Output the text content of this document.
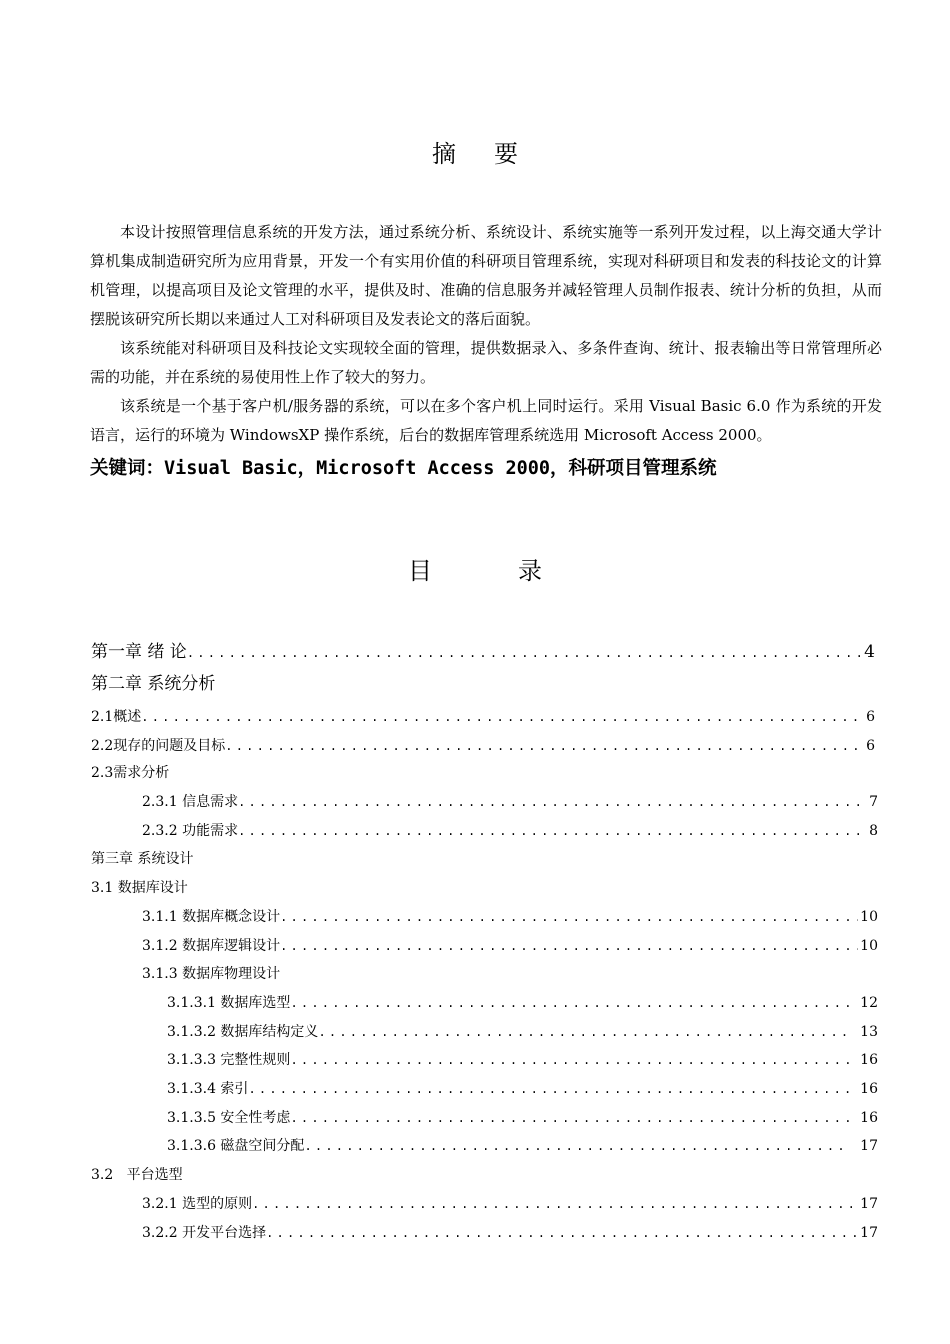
摘 要

本设计按照管理信息系统的开发方法，通过系统分析、系统设计、系统实施等一系列开发过程，以上海交通大学计算机集成制造研究所为应用背景，开发一个有实用价值的科研项目管理系统，实现对科研项目和发表的科技论文的计算机管理，以提高项目及论文管理的水平，提供及时、准确的信息服务并减轻管理人员制作报表、统计分析的负担，从而摆脱该研究所长期以来通过人工对科研项目及发表论文的落后面貌。

该系统能对科研项目及科技论文实现较全面的管理，提供数据录入、多条件查询、统计、报表输出等日常管理所必需的功能，并在系统的易使用性上作了较大的努力。

该系统是一个基于客户机/服务器的系统，可以在多个客户机上同时运行。采用 Visual Basic 6.0 作为系统的开发语言，运行的环境为 WindowsXP 操作系统，后台的数据库管理系统选用 Microsoft Access 2000。

关键词：Visual Basic，Microsoft Access 2000，科研项目管理系统
目	录
第一章 绪 论 . . .	4
第二章 系统分析
2.1概述 . . .	6
2.2现存的问题及目标 . . .	6
2.3需求分析
2.3.1 信息需求 . . .	7
2.3.2 功能需求 . . .	8
第三章 系统设计
3.1 数据库设计
3.1.1 数据库概念设计 . . .	10
3.1.2 数据库逻辑设计 . . .	10
3.1.3 数据库物理设计
3.1.3.1 数据库选型 . . .	12
3.1.3.2 数据库结构定义 . . .	13
3.1.3.3 完整性规则 . . .	16
3.1.3.4 索引 . . .	16
3.1.3.5 安全性考虑 . . .	16
3.1.3.6 磁盘空间分配 . . .	17
3.2   平台选型
3.2.1 选型的原则 . . .	17
3.2.2 开发平台选择 . . .	17
